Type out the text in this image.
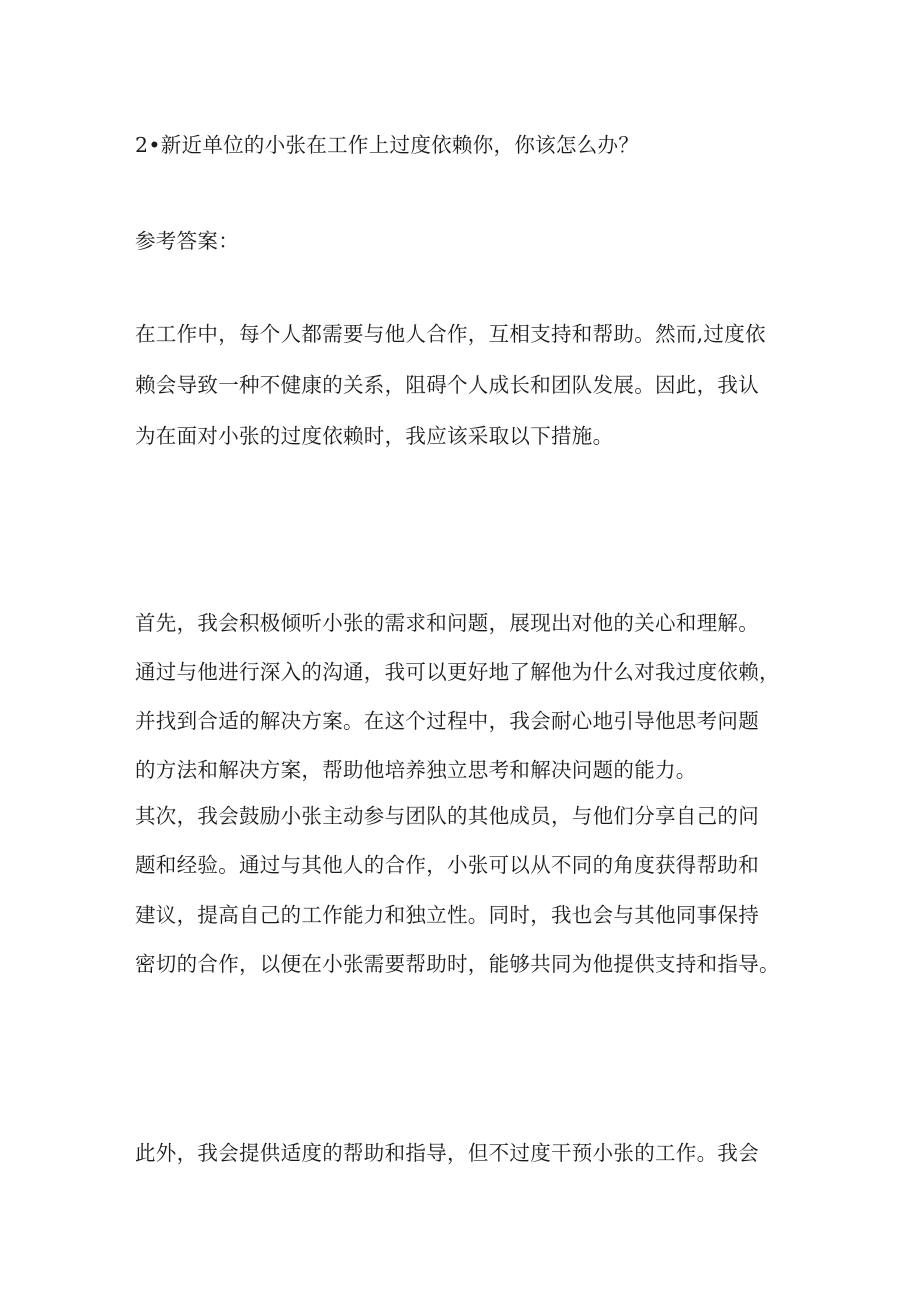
2•新近单位的小张在工作上过度依赖你，你该怎么办？
参考答案：
在工作中，每个人都需要与他人合作，互相支持和帮助。然而,过度依
赖会导致一种不健康的关系，阻碍个人成长和团队发展。因此，我认
为在面对小张的过度依赖时，我应该采取以下措施。
首先，我会积极倾听小张的需求和问题，展现出对他的关心和理解。
通过与他进行深入的沟通，我可以更好地了解他为什么对我过度依赖，
并找到合适的解决方案。在这个过程中，我会耐心地引导他思考问题
的方法和解决方案，帮助他培养独立思考和解决问题的能力。
其次，我会鼓励小张主动参与团队的其他成员，与他们分享自己的问
题和经验。通过与其他人的合作，小张可以从不同的角度获得帮助和
建议，提高自己的工作能力和独立性。同时，我也会与其他同事保持
密切的合作，以便在小张需要帮助时，能够共同为他提供支持和指导。
此外，我会提供适度的帮助和指导，但不过度干预小张的工作。我会
